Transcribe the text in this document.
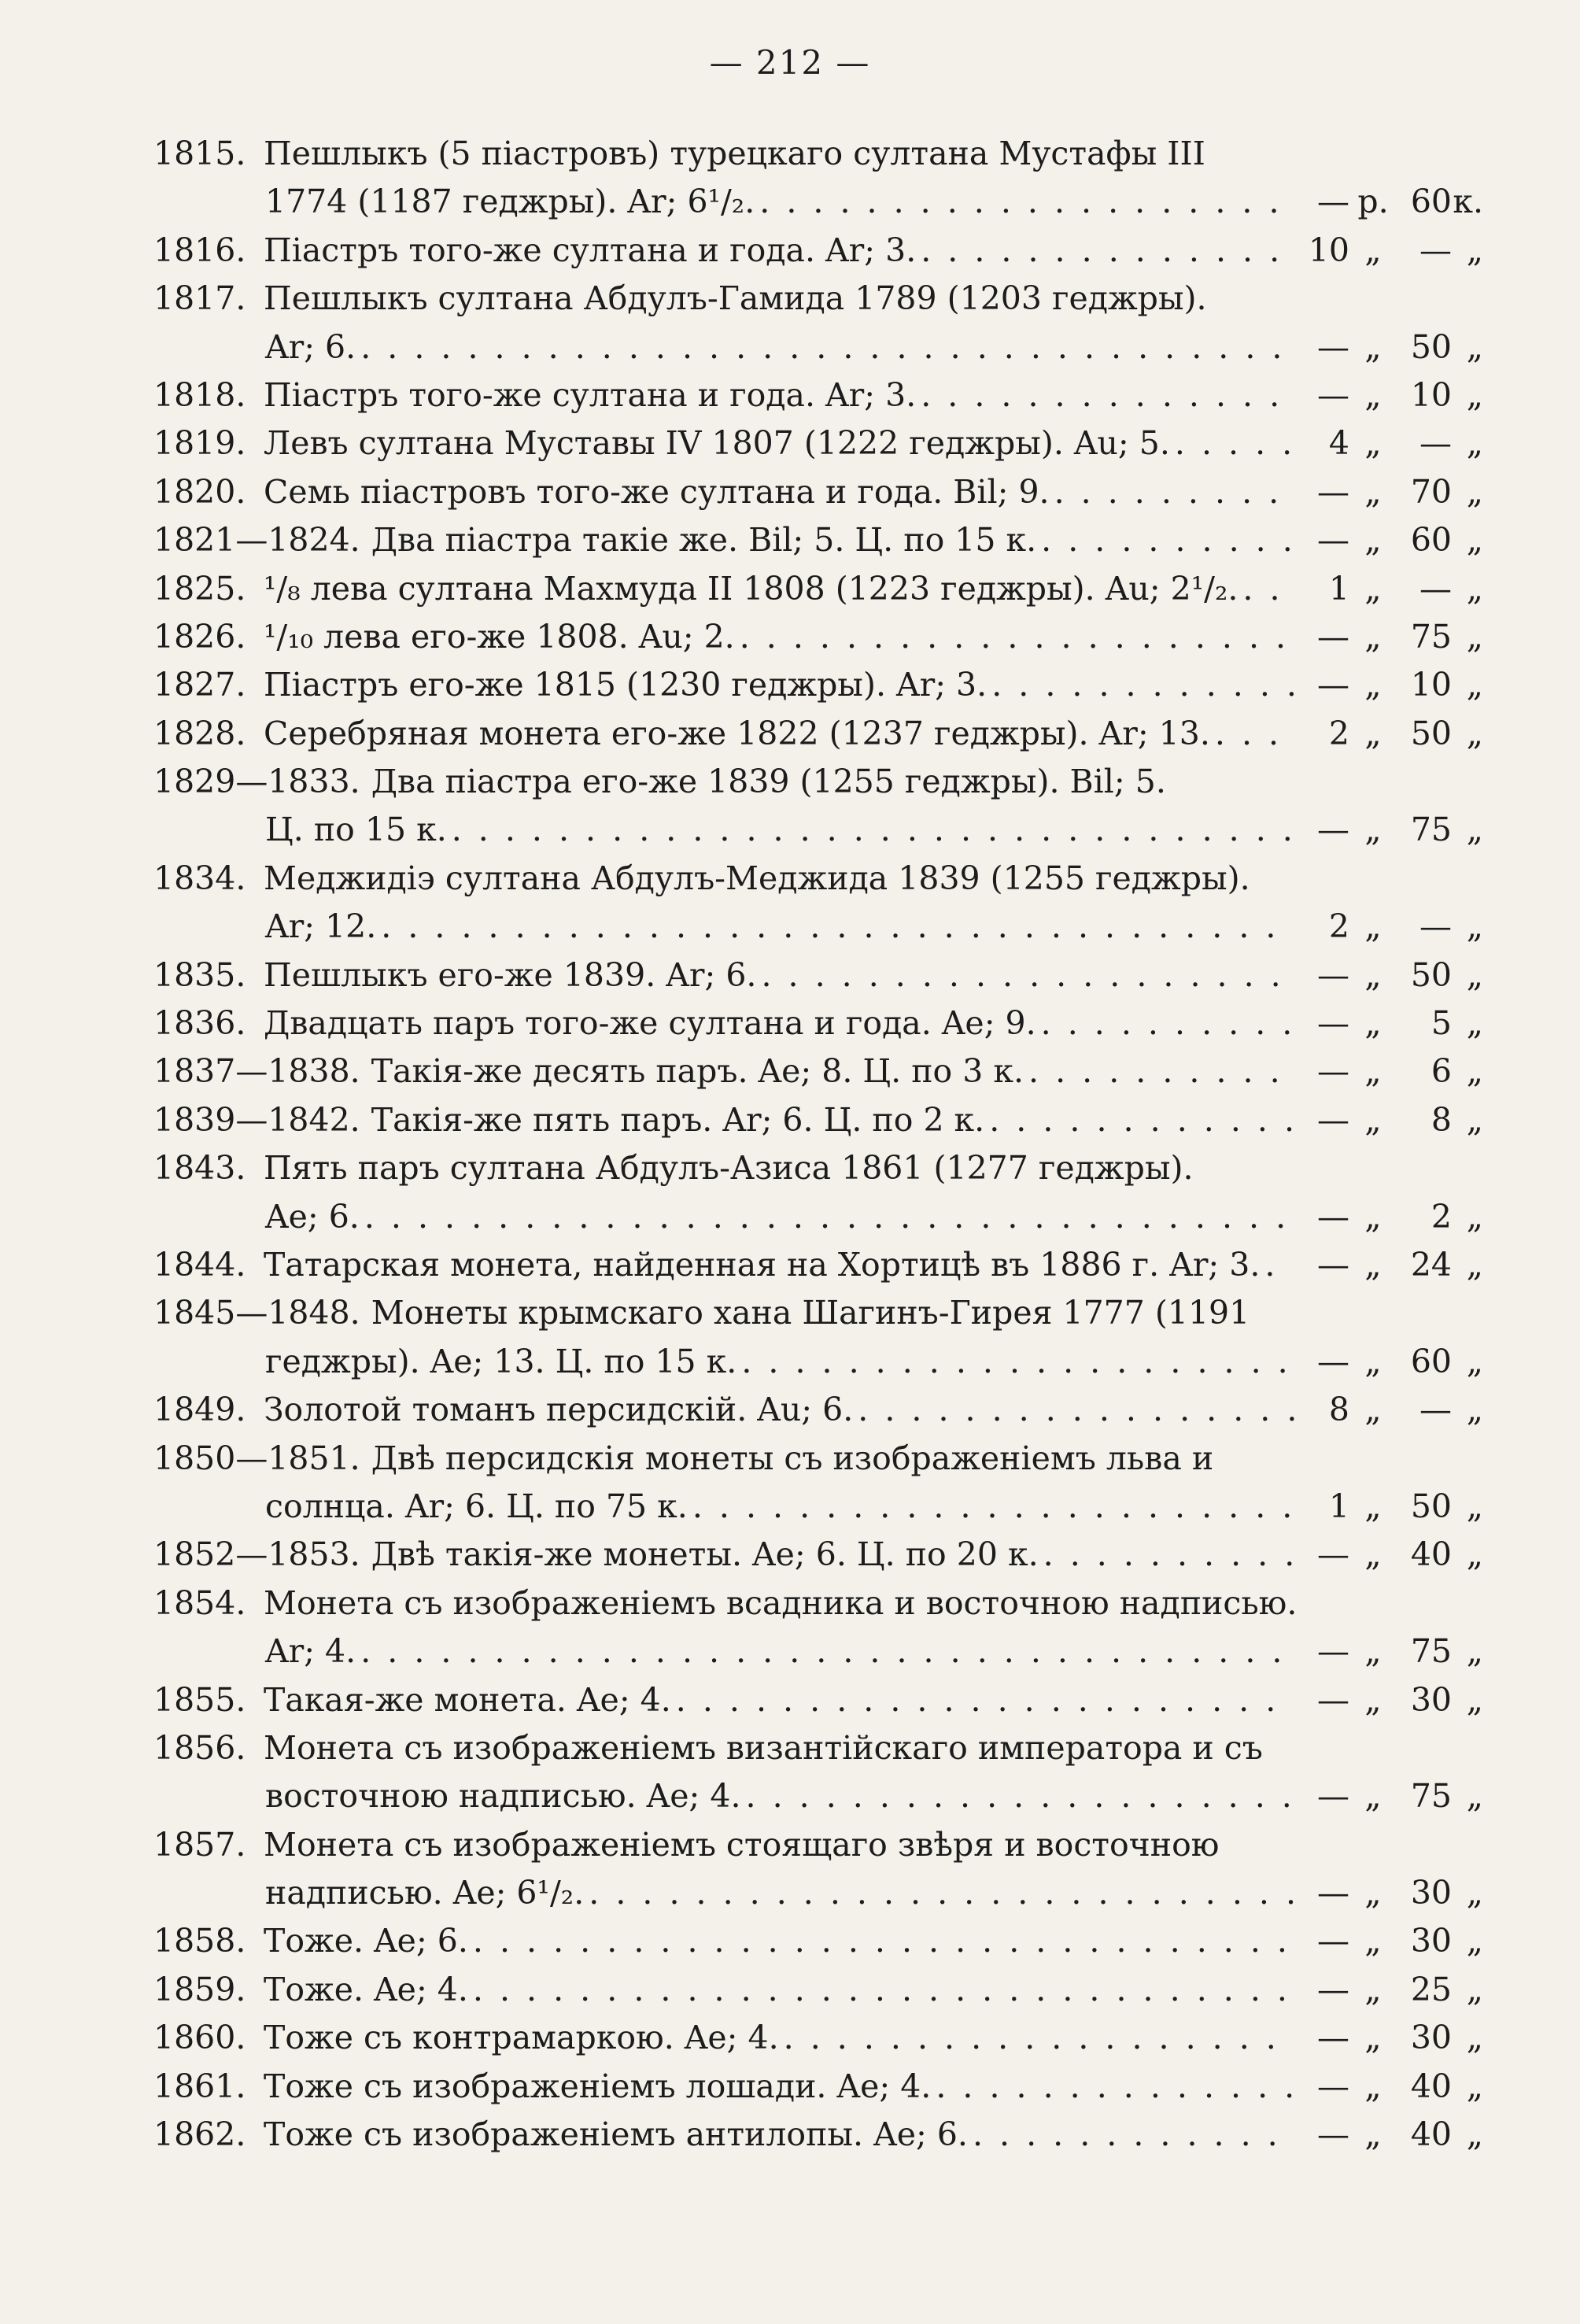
— 212 —
1815. Пешлыкъ (5 піастровъ) турецкаго султана Мустафы III
1774 (1187 геджры). Ar; 6¹/₂. . . .	— р. 60 к.
1816. Піастръ того-же султана и года. Ar; 3. . . .	10 „	— „
1817. Пешлыкъ султана Абдулъ-Гамида 1789 (1203 геджры).
Ar; 6. . . .	— „ 50 „
1818. Піастръ того-же султана и года. Ar; 3. . . .	— „ 10 „
1819. Левъ султана Муставы IV 1807 (1222 геджры). Au; 5. . . .	4 „	— „
1820. Семь піастровъ того-же султана и года. Bil; 9. . . .	— „ 70 „
1821—1824. Два піастра такіе же. Bil; 5. Ц. по 15 к. . . .	— „ 60 „
1825. ¹/₈ лева султана Махмуда II 1808 (1223 геджры). Au; 2¹/₂. . . .	1 „	— „
1826. ¹/₁₀ лева его-же 1808. Au; 2. . . .	— „ 75 „
1827. Піастръ его-же 1815 (1230 геджры). Ar; 3. . . .	— „ 10 „
1828. Серебряная монета его-же 1822 (1237 геджры). Ar; 13. . . .	2 „ 50 „
1829—1833. Два піастра его-же 1839 (1255 геджры). Bil; 5.
Ц. по 15 к. . . .	— „ 75 „
1834. Меджидіэ султана Абдулъ-Меджида 1839 (1255 геджры).
Ar; 12. . . .	2 „	— „
1835. Пешлыкъ его-же 1839. Ar; 6. . . .	— „ 50 „
1836. Двадцать паръ того-же султана и года. Ae; 9. . . .	— „	5 „
1837—1838. Такія-же десять паръ. Ae; 8. Ц. по 3 к. . . .	— „	6 „
1839—1842. Такія-же пять паръ. Ar; 6. Ц. по 2 к. . . .	— „	8 „
1843. Пять паръ султана Абдулъ-Азиса 1861 (1277 геджры).
Ae; 6. . . .	— „	2 „
1844. Татарская монета, найденная на Хортицѣ въ 1886 г. Ar; 3. . . .	— „ 24 „
1845—1848. Монеты крымскаго хана Шагинъ-Гирея 1777 (1191
геджры). Ae; 13. Ц. по 15 к. . . .	— „ 60 „
1849. Золотой томанъ персидскій. Au; 6. . . .	8 „	— „
1850—1851. Двѣ персидскія монеты съ изображеніемъ льва и
солнца. Ar; 6. Ц. по 75 к. . . .	1 „ 50 „
1852—1853. Двѣ такія-же монеты. Ae; 6. Ц. по 20 к. . . .	— „ 40 „
1854. Монета съ изображеніемъ всадника и восточною надписью.
Ar; 4. . . .	— „ 75 „
1855. Такая-же монета. Ae; 4. . . .	— „ 30 „
1856. Монета съ изображеніемъ византійскаго императора и съ
восточною надписью. Ae; 4. . . .	— „ 75 „
1857. Монета съ изображеніемъ стоящаго звѣря и восточною
надписью. Ae; 6¹/₂. . . .	— „ 30 „
1858. Тоже. Ae; 6. . . .	— „ 30 „
1859. Тоже. Ae; 4. . . .	— „ 25 „
1860. Тоже съ контрамаркою. Ae; 4. . . .	— „ 30 „
1861. Тоже съ изображеніемъ лошади. Ae; 4. . . .	— „ 40 „
1862. Тоже съ изображеніемъ антилопы. Ae; 6. . . .	— „ 40 „
